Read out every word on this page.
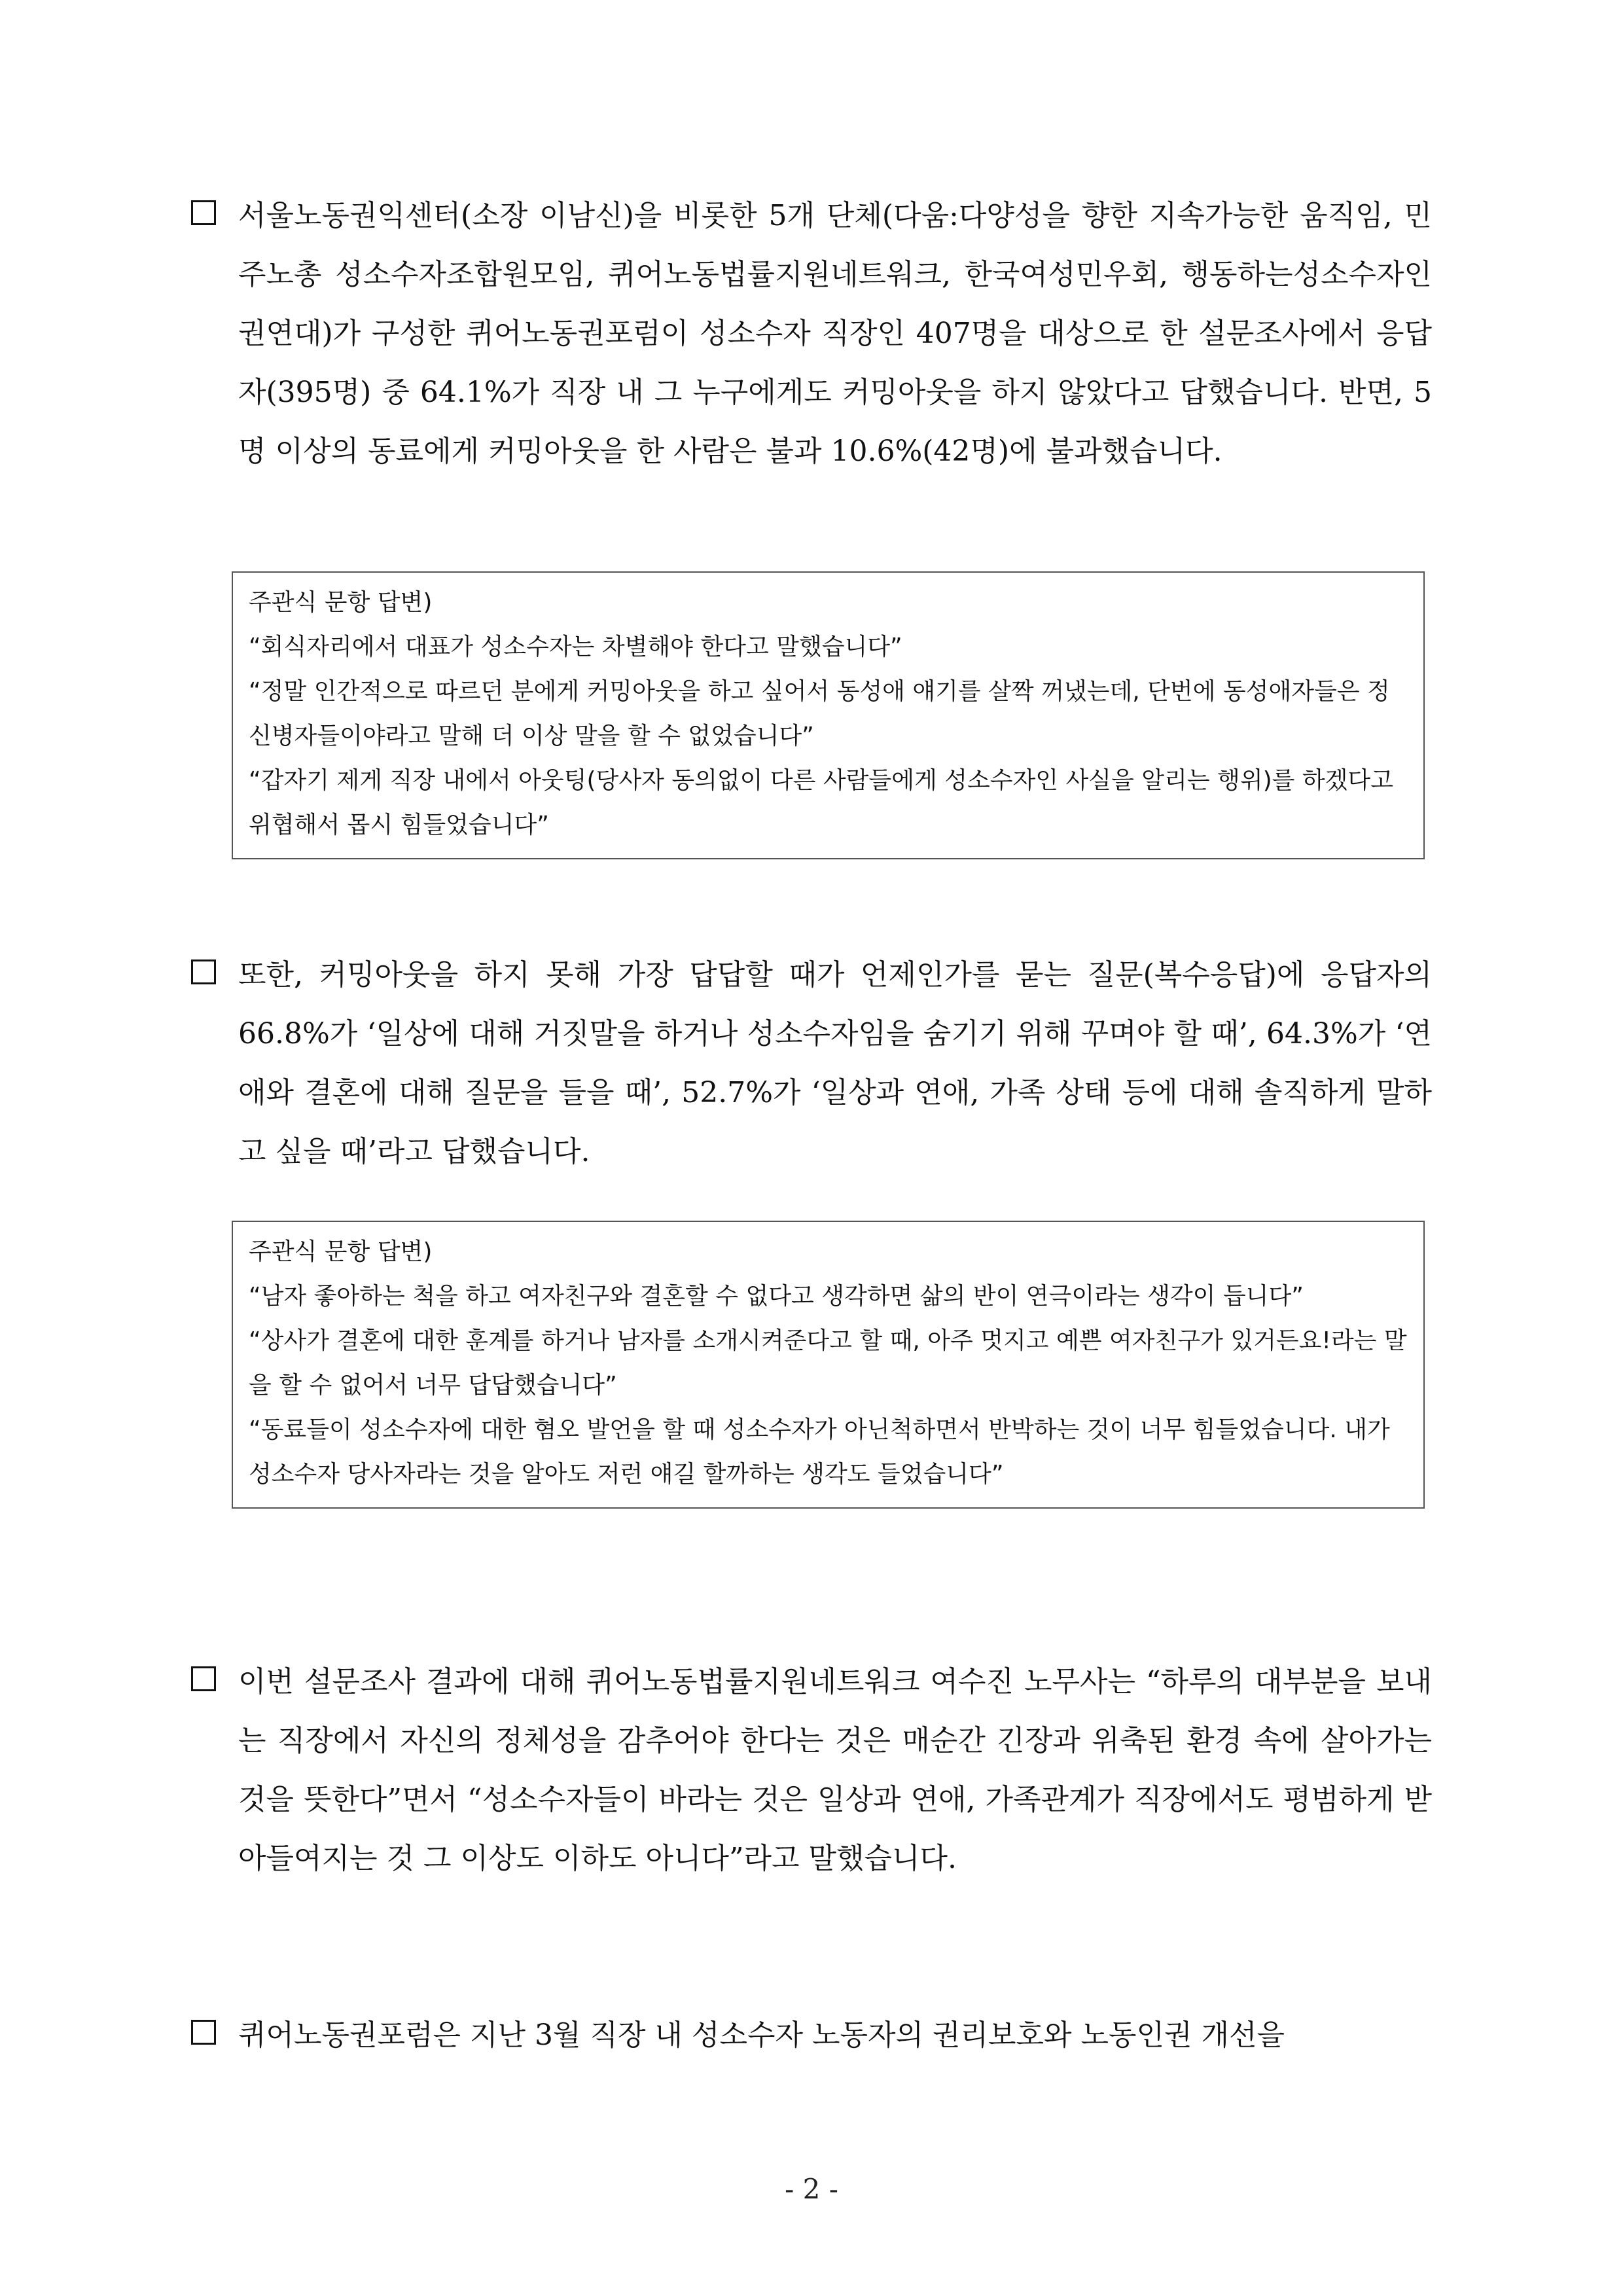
서울노동권익센터(소장 이남신)을 비롯한 5개 단체(다움:다양성을 향한 지속가능한 움직임, 민주노총 성소수자조합원모임, 퀴어노동법률지원네트워크, 한국여성민우회, 행동하는성소수자인권연대)가 구성한 퀴어노동권포럼이 성소수자 직장인 407명을 대상으로 한 설문조사에서 응답자(395명) 중 64.1%가 직장 내 그 누구에게도 커밍아웃을 하지 않았다고 답했습니다. 반면, 5명 이상의 동료에게 커밍아웃을 한 사람은 불과 10.6%(42명)에 불과했습니다.
주관식 문항 답변)
“회식자리에서 대표가 성소수자는 차별해야 한다고 말했습니다”
“정말 인간적으로 따르던 분에게 커밍아웃을 하고 싶어서 동성애 얘기를 살짝 꺼냈는데, 단번에 동성애자들은 정신병자들이야라고 말해 더 이상 말을 할 수 없었습니다”
“갑자기 제게 직장 내에서 아웃팅(당사자 동의없이 다른 사람들에게 성소수자인 사실을 알리는 행위)를 하겠다고 위협해서 몹시 힘들었습니다”
또한, 커밍아웃을 하지 못해 가장 답답할 때가 언제인가를 묻는 질문(복수응답)에 응답자의 66.8%가 ‘일상에 대해 거짓말을 하거나 성소수자임을 숨기기 위해 꾸며야 할 때’, 64.3%가 ‘연애와 결혼에 대해 질문을 들을 때’, 52.7%가 ‘일상과 연애, 가족 상태 등에 대해 솔직하게 말하고 싶을 때’라고 답했습니다.
주관식 문항 답변)
“남자 좋아하는 척을 하고 여자친구와 결혼할 수 없다고 생각하면 삶의 반이 연극이라는 생각이 듭니다”
“상사가 결혼에 대한 훈계를 하거나 남자를 소개시켜준다고 할 때, 아주 멋지고 예쁜 여자친구가 있거든요!라는 말을 할 수 없어서 너무 답답했습니다”
“동료들이 성소수자에 대한 혐오 발언을 할 때 성소수자가 아닌척하면서 반박하는 것이 너무 힘들었습니다. 내가 성소수자 당사자라는 것을 알아도 저런 얘길 할까하는 생각도 들었습니다”
이번 설문조사 결과에 대해 퀴어노동법률지원네트워크 여수진 노무사는 “하루의 대부분을 보내는 직장에서 자신의 정체성을 감추어야 한다는 것은 매순간 긴장과 위축된 환경 속에 살아가는 것을 뜻한다”면서 “성소수자들이 바라는 것은 일상과 연애, 가족관계가 직장에서도 평범하게 받아들여지는 것 그 이상도 이하도 아니다”라고 말했습니다.
퀴어노동권포럼은 지난 3월 직장 내 성소수자 노동자의 권리보호와 노동인권 개선을
- 2 -
